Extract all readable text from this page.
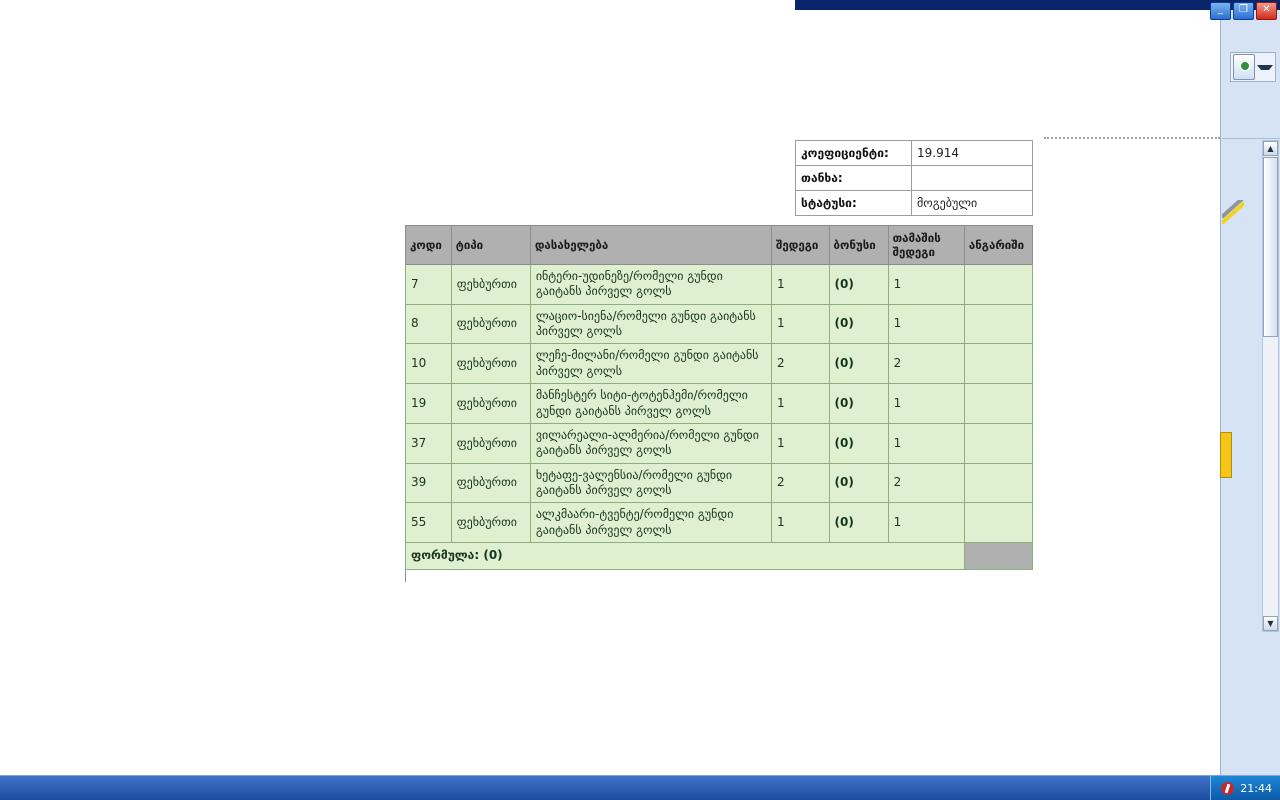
_	❐	✕
▲
▼
კოეფიციენტი:	19.914
თანხა:	
სტატუსი:	მოგებული
კოდი	ტიპი	დასახელება	შედეგი	ბონუსი	თამაშის შედეგი	ანგარიში
7	ფეხბურთი	ინტერი-უდინეზე/რომელი გუნდი გაიტანს პირველ გოლს	1	(0)	1	
8	ფეხბურთი	ლაციო-სიენა/რომელი გუნდი გაიტანს პირველ გოლს	1	(0)	1	
10	ფეხბურთი	ლეჩე-მილანი/რომელი გუნდი გაიტანს პირველ გოლს	2	(0)	2	
19	ფეხბურთი	მანჩესტერ სიტი-ტოტენჰემი/რომელი გუნდი გაიტანს პირველ გოლს	1	(0)	1	
37	ფეხბურთი	ვილარეალი-ალმერია/რომელი გუნდი გაიტანს პირველ გოლს	1	(0)	1	
39	ფეხბურთი	ხეტაფე-ვალენსია/რომელი გუნდი გაიტანს პირველ გოლს	2	(0)	2	
55	ფეხბურთი	ალკმაარი-ტვენტე/რომელი გუნდი გაიტანს პირველ გოლს	1	(0)	1	
ფორმულა: (0)						
21:44
